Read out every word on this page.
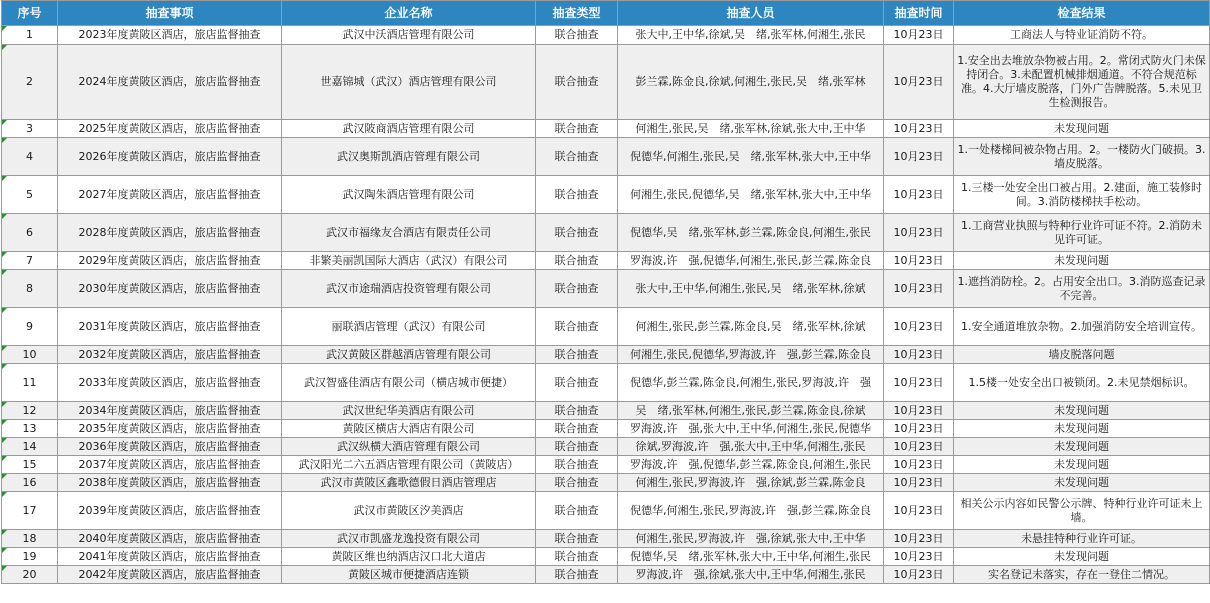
序号	抽查事项	企业名称	抽查类型	抽查人员	抽查时间	检查结果
1	2023年度黄陂区酒店，旅店监督抽查	武汉中沃酒店管理有限公司	联合抽查	张大中,王中华,徐斌,吴　绪,张军林,何湘生,张民	10月23日	工商法人与特业证消防不符。
2	2024年度黄陂区酒店，旅店监督抽查	世嘉锦城（武汉）酒店管理有限公司	联合抽查	彭兰霖,陈金良,徐斌,何湘生,张民,吴　绪,张军林	10月23日	1.安全出去堆放杂物被占用。2。常闭式防火门未保持闭合。3.未配置机械排烟通道。不符合规范标准。4.大厅墙皮脱落，门外广告牌脱落。5.未见卫生检测报告。
3	2025年度黄陂区酒店，旅店监督抽查	武汉陂商酒店管理有限公司	联合抽查	何湘生,张民,吴　绪,张军林,徐斌,张大中,王中华	10月23日	未发现问题
4	2026年度黄陂区酒店，旅店监督抽查	武汉奥斯凯酒店管理有限公司	联合抽查	倪德华,何湘生,张民,吴　绪,张军林,张大中,王中华	10月23日	1.一处楼梯间被杂物占用。2。一楼防火门破损。3.墙皮脱落。
5	2027年度黄陂区酒店，旅店监督抽查	武汉陶朱酒店管理有限公司	联合抽查	何湘生,张民,倪德华,吴　绪,张军林,张大中,王中华	10月23日	1.三楼一处安全出口被占用。2.建面，施工装修时间。3.消防楼梯扶手松动。
6	2028年度黄陂区酒店，旅店监督抽查	武汉市福缘友合酒店有限责任公司	联合抽查	倪德华,吴　绪,张军林,彭兰霖,陈金良,何湘生,张民	10月23日	1.工商营业执照与特种行业许可证不符。2.消防未见许可证。
7	2029年度黄陂区酒店，旅店监督抽查	非繁美丽凯国际大酒店（武汉）有限公司	联合抽查	罗海波,许　强,倪德华,何湘生,张民,彭兰霖,陈金良	10月23日	未发现问题
8	2030年度黄陂区酒店，旅店监督抽查	武汉市途瑞酒店投资管理有限公司	联合抽查	张大中,王中华,何湘生,张民,吴　绪,张军林,徐斌	10月23日	1.遮挡消防栓。2。占用安全出口。3.消防巡查记录不完善。
9	2031年度黄陂区酒店，旅店监督抽查	丽联酒店管理（武汉）有限公司	联合抽查	何湘生,张民,彭兰霖,陈金良,吴　绪,张军林,徐斌	10月23日	1.安全通道堆放杂物。2.加强消防安全培训宣传。
10	2032年度黄陂区酒店，旅店监督抽查	武汉黄陂区群越酒店管理有限公司	联合抽查	何湘生,张民,倪德华,罗海波,许　强,彭兰霖,陈金良	10月23日	墙皮脱落问题
11	2033年度黄陂区酒店，旅店监督抽查	武汉智盛佳酒店有限公司（横店城市便捷）	联合抽查	倪德华,彭兰霖,陈金良,何湘生,张民,罗海波,许　强	10月23日	1.5楼一处安全出口被锁闭。2.未见禁烟标识。
12	2034年度黄陂区酒店，旅店监督抽查	武汉世纪华美酒店有限公司	联合抽查	吴　绪,张军林,何湘生,张民,彭兰霖,陈金良,徐斌	10月23日	未发现问题
13	2035年度黄陂区酒店，旅店监督抽查	黄陂区横店大酒店有限公司	联合抽查	罗海波,许　强,张大中,王中华,何湘生,张民,倪德华	10月23日	未发现问题
14	2036年度黄陂区酒店，旅店监督抽查	武汉纵横大酒店管理有限公司	联合抽查	徐斌,罗海波,许　强,张大中,王中华,何湘生,张民	10月23日	未发现问题
15	2037年度黄陂区酒店，旅店监督抽查	武汉阳光二六五酒店管理有限公司（黄陂店）	联合抽查	罗海波,许　强,倪德华,彭兰霖,陈金良,何湘生,张民	10月23日	未发现问题
16	2038年度黄陂区酒店，旅店监督抽查	武汉市黄陂区鑫歌德假日酒店管理店	联合抽查	何湘生,张民,罗海波,许　强,徐斌,彭兰霖,陈金良	10月23日	未发现问题
17	2039年度黄陂区酒店，旅店监督抽查	武汉市黄陂区汐美酒店	联合抽查	倪德华,何湘生,张民,罗海波,许　强,彭兰霖,陈金良	10月23日	相关公示内容如民警公示牌、特种行业许可证未上墙。
18	2040年度黄陂区酒店，旅店监督抽查	武汉市凯盛龙逸投资有限公司	联合抽查	何湘生,张民,罗海波,许　强,徐斌,张大中,王中华	10月23日	未悬挂特种行业许可证。
19	2041年度黄陂区酒店，旅店监督抽查	黄陂区维也纳酒店汉口北大道店	联合抽查	倪德华,吴　绪,张军林,张大中,王中华,何湘生,张民	10月23日	未发现问题
20	2042年度黄陂区酒店，旅店监督抽查	黄陂区城市便捷酒店连锁	联合抽查	罗海波,许　强,徐斌,张大中,王中华,何湘生,张民	10月23日	实名登记未落实，存在一登住二情况。
